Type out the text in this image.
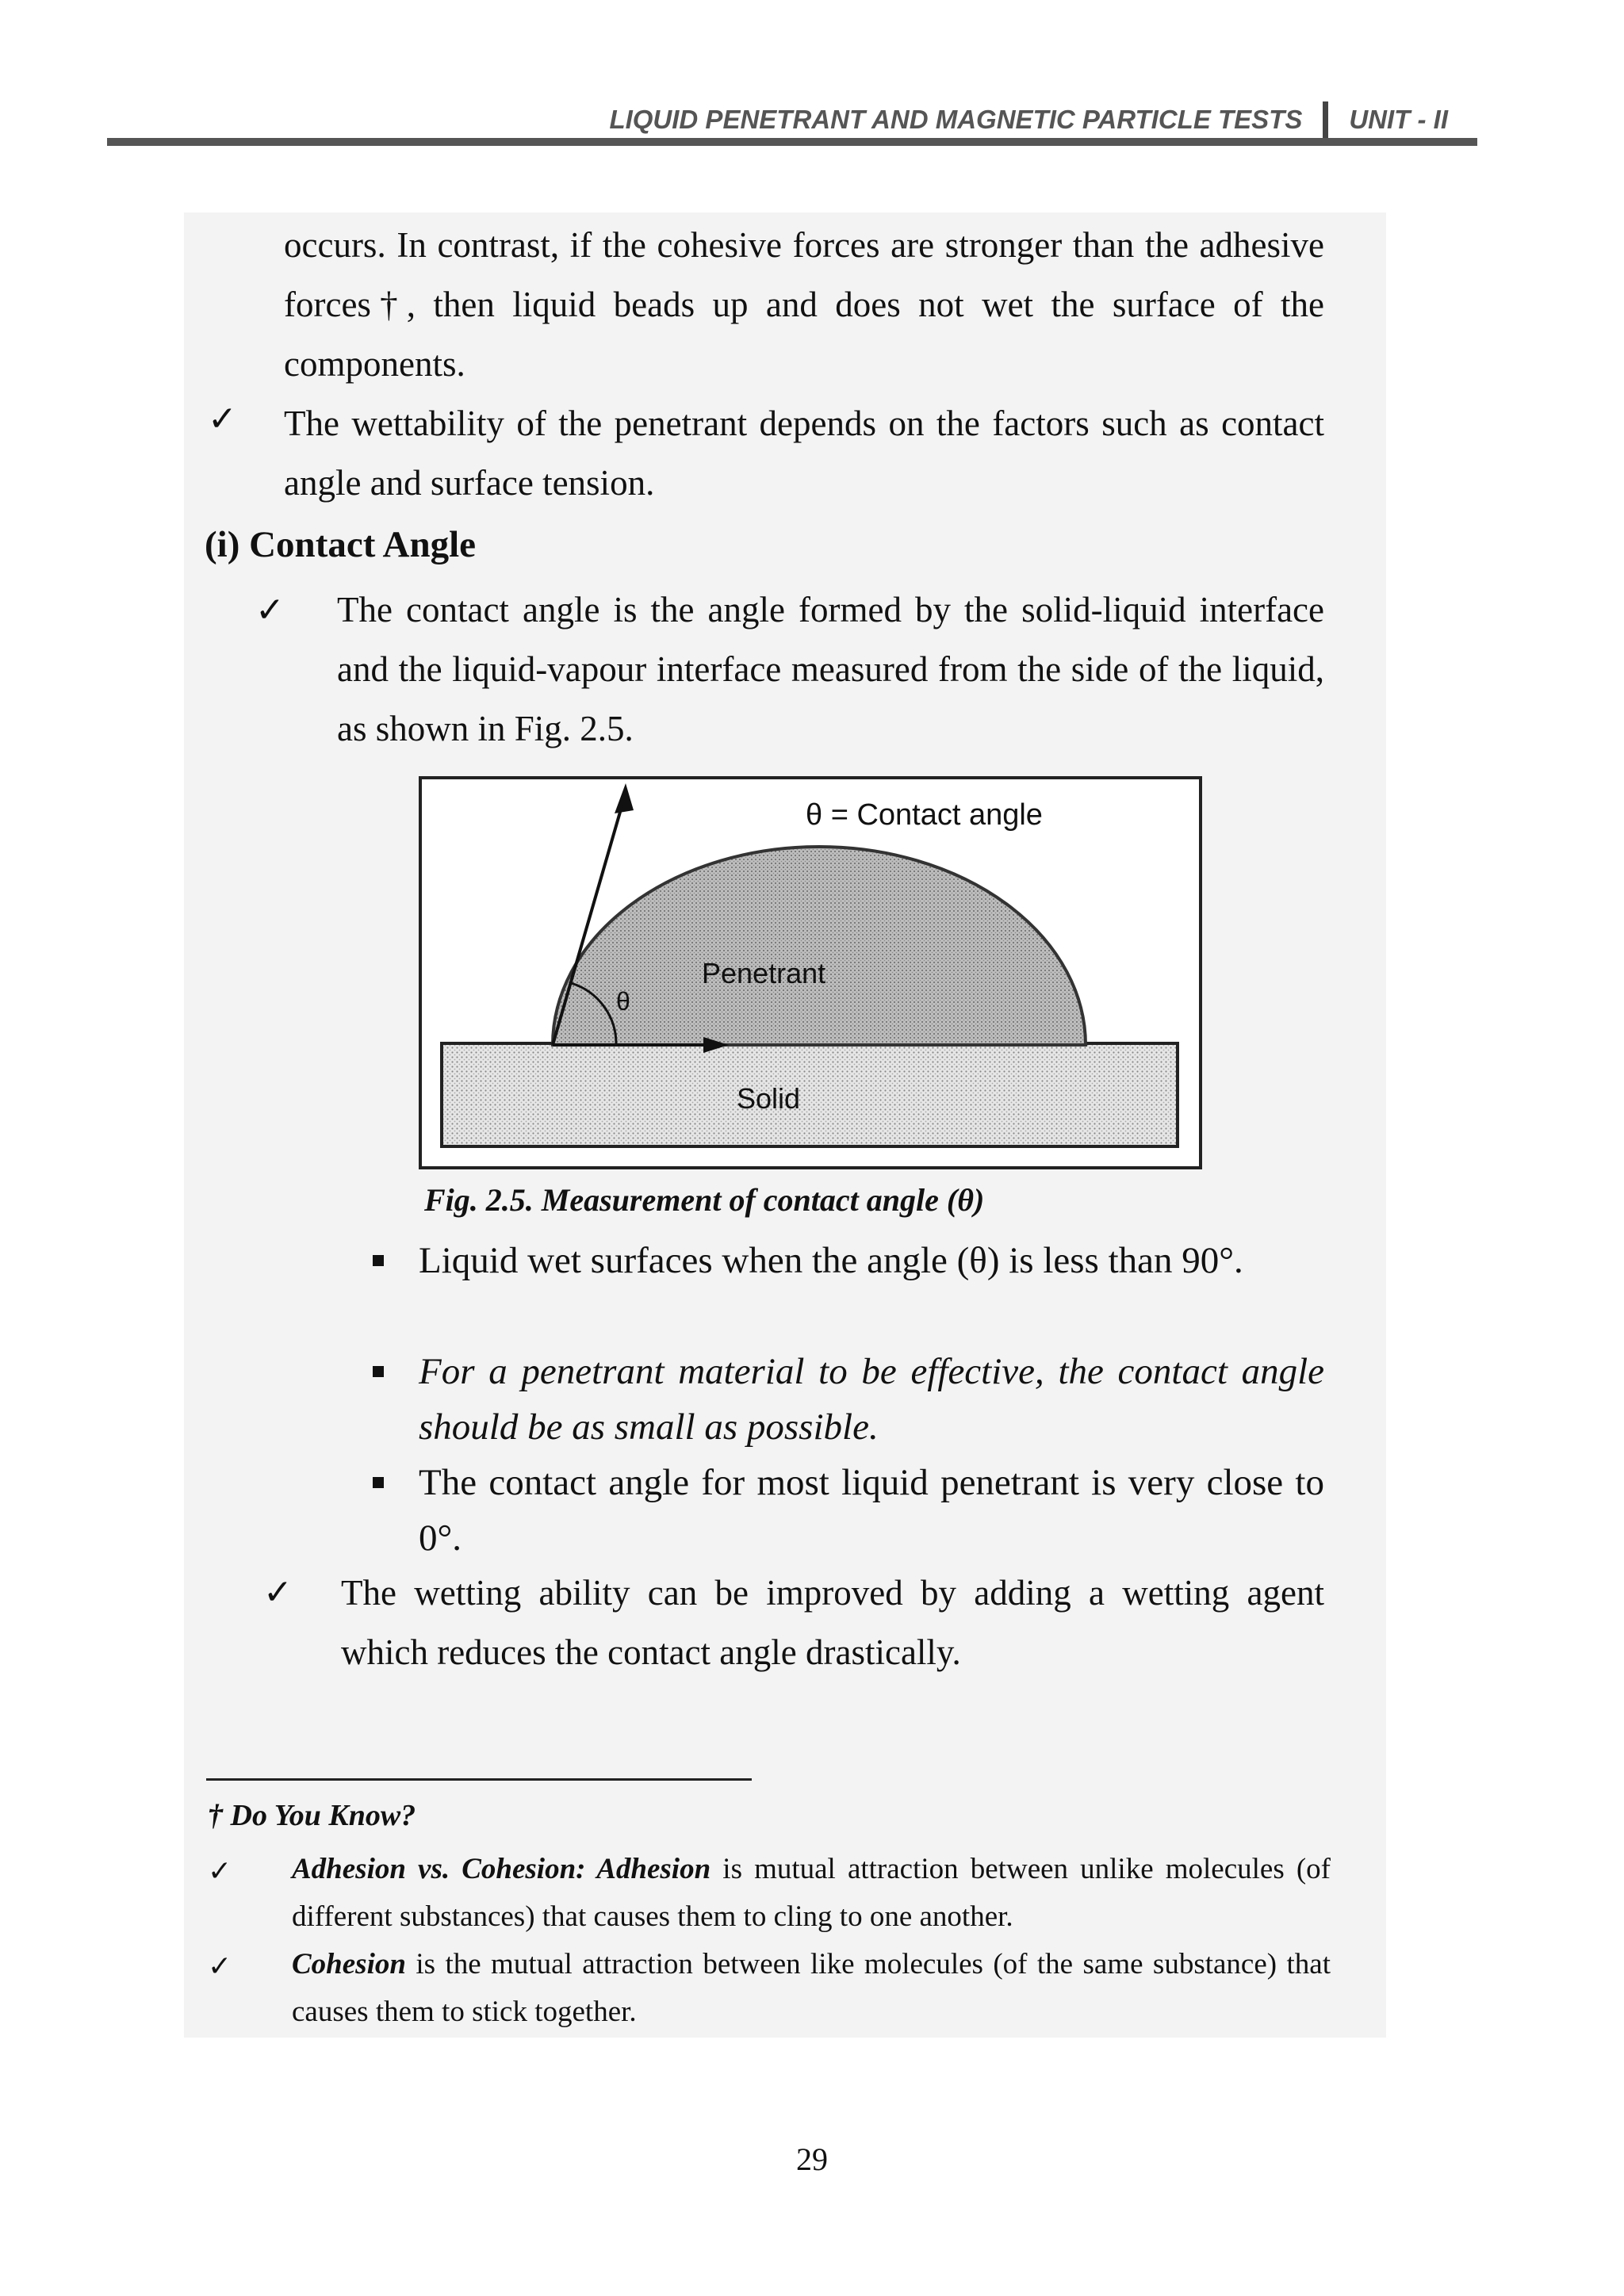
LIQUID PENETRANT AND MAGNETIC PARTICLE TESTS UNIT - II
occurs. In contrast, if the cohesive forces are stronger than the adhesive forces†, then liquid beads up and does not wet the surface of the components.
✓ The wettability of the penetrant depends on the factors such as contact angle and surface tension.
(i) Contact Angle
✓ The contact angle is the angle formed by the solid-liquid interface and the liquid-vapour interface measured from the side of the liquid, as shown in Fig. 2.5.
θ = Contact angle
Penetrant
θ
Solid
Fig. 2.5. Measurement of contact angle (θ)
Liquid wet surfaces when the angle (θ) is less than 90°.
For a penetrant material to be effective, the contact angle should be as small as possible.
The contact angle for most liquid penetrant is very close to 0°.
✓ The wetting ability can be improved by adding a wetting agent which reduces the contact angle drastically.
† Do You Know?
✓ Adhesion vs. Cohesion: Adhesion is mutual attraction between unlike molecules (of different substances) that causes them to cling to one another.
✓ Cohesion is the mutual attraction between like molecules (of the same substance) that causes them to stick together.
29
